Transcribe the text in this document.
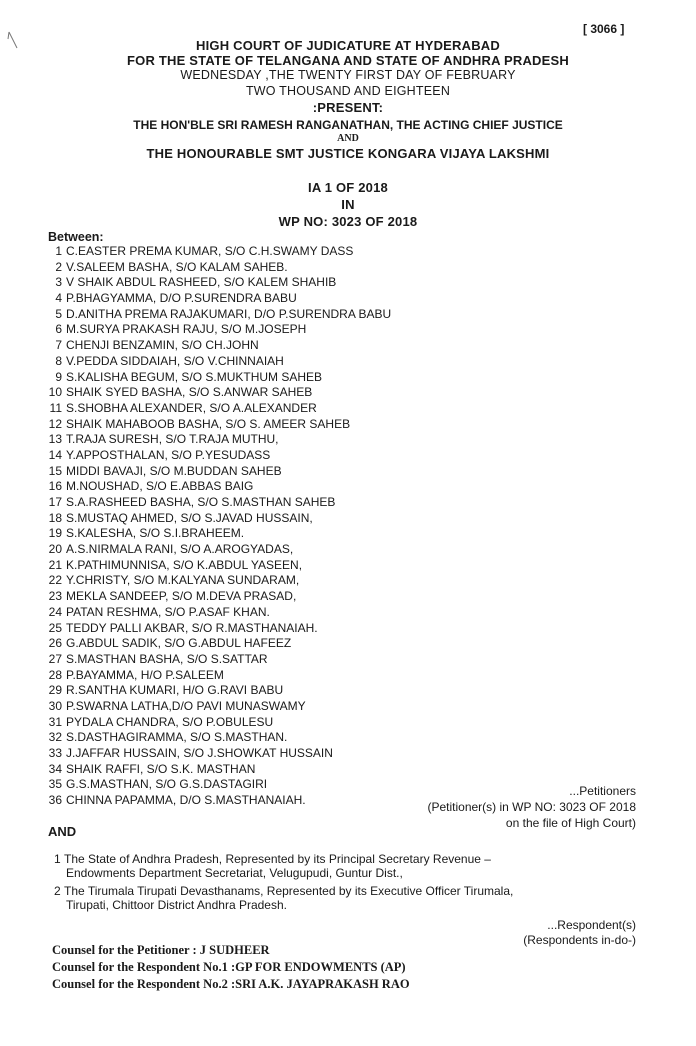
[ 3066 ]
HIGH COURT OF JUDICATURE AT HYDERABAD
FOR THE STATE OF TELANGANA AND STATE OF ANDHRA PRADESH
WEDNESDAY ,THE TWENTY FIRST DAY OF FEBRUARY
TWO THOUSAND AND EIGHTEEN
:PRESENT:
THE HON'BLE SRI RAMESH RANGANATHAN, THE ACTING CHIEF JUSTICE
AND
THE HONOURABLE SMT JUSTICE KONGARA VIJAYA LAKSHMI
IA 1 OF 2018
IN
WP NO: 3023 OF 2018
Between:
1 C.EASTER PREMA KUMAR, S/O C.H.SWAMY DASS
2 V.SALEEM BASHA, S/O KALAM SAHEB.
3 V SHAIK ABDUL RASHEED, S/O KALEM SHAHIB
4 P.BHAGYAMMA, D/O P.SURENDRA BABU
5 D.ANITHA PREMA RAJAKUMARI, D/O P.SURENDRA BABU
6 M.SURYA PRAKASH RAJU, S/O M.JOSEPH
7 CHENJI BENZAMIN, S/O CH.JOHN
8 V.PEDDA SIDDAIAH, S/O V.CHINNAIAH
9 S.KALISHA BEGUM, S/O S.MUKTHUM SAHEB
10 SHAIK SYED BASHA, S/O S.ANWAR SAHEB
11 S.SHOBHA ALEXANDER, S/O A.ALEXANDER
12 SHAIK MAHABOOB BASHA, S/O S. AMEER SAHEB
13 T.RAJA SURESH, S/O T.RAJA MUTHU,
14 Y.APPOSTHALAN, S/O P.YESUDASS
15 MIDDI BAVAJI, S/O M.BUDDAN SAHEB
16 M.NOUSHAD, S/O E.ABBAS BAIG
17 S.A.RASHEED BASHA, S/O S.MASTHAN SAHEB
18 S.MUSTAQ AHMED, S/O S.JAVAD HUSSAIN,
19 S.KALESHA, S/O S.I.BRAHEEM.
20 A.S.NIRMALA RANI, S/O A.AROGYADAS,
21 K.PATHIMUNNISA, S/O K.ABDUL YASEEN,
22 Y.CHRISTY, S/O M.KALYANA SUNDARAM,
23 MEKLA SANDEEP, S/O M.DEVA PRASAD,
24 PATAN RESHMA, S/O P.ASAF KHAN.
25 TEDDY PALLI AKBAR, S/O R.MASTHANAIAH.
26 G.ABDUL SADIK, S/O G.ABDUL HAFEEZ
27 S.MASTHAN BASHA, S/O S.SATTAR
28 P.BAYAMMA, H/O P.SALEEM
29 R.SANTHA KUMARI, H/O G.RAVI BABU
30 P.SWARNA LATHA,D/O PAVI MUNASWAMY
31 PYDALA CHANDRA, S/O P.OBULESU
32 S.DASTHAGIRAMMA, S/O S.MASTHAN.
33 J.JAFFAR HUSSAIN, S/O J.SHOWKAT HUSSAIN
34 SHAIK RAFFI, S/O S.K. MASTHAN
35 G.S.MASTHAN, S/O G.S.DASTAGIRI
36 CHINNA PAPAMMA, D/O S.MASTHANAIAH.
...Petitioners
(Petitioner(s) in WP NO: 3023 OF 2018
on the file of High Court)
AND
1 The State of Andhra Pradesh, Represented by its Principal Secretary Revenue –
Endowments Department Secretariat, Velugupudi, Guntur Dist.,
2 The Tirumala Tirupati Devasthanams, Represented by its Executive Officer Tirumala,
Tirupati, Chittoor District Andhra Pradesh.
...Respondent(s)
(Respondents in-do-)
Counsel for the Petitioner : J SUDHEER
Counsel for the Respondent No.1 :GP FOR ENDOWMENTS (AP)
Counsel for the Respondent No.2 :SRI A.K. JAYAPRAKASH RAO
